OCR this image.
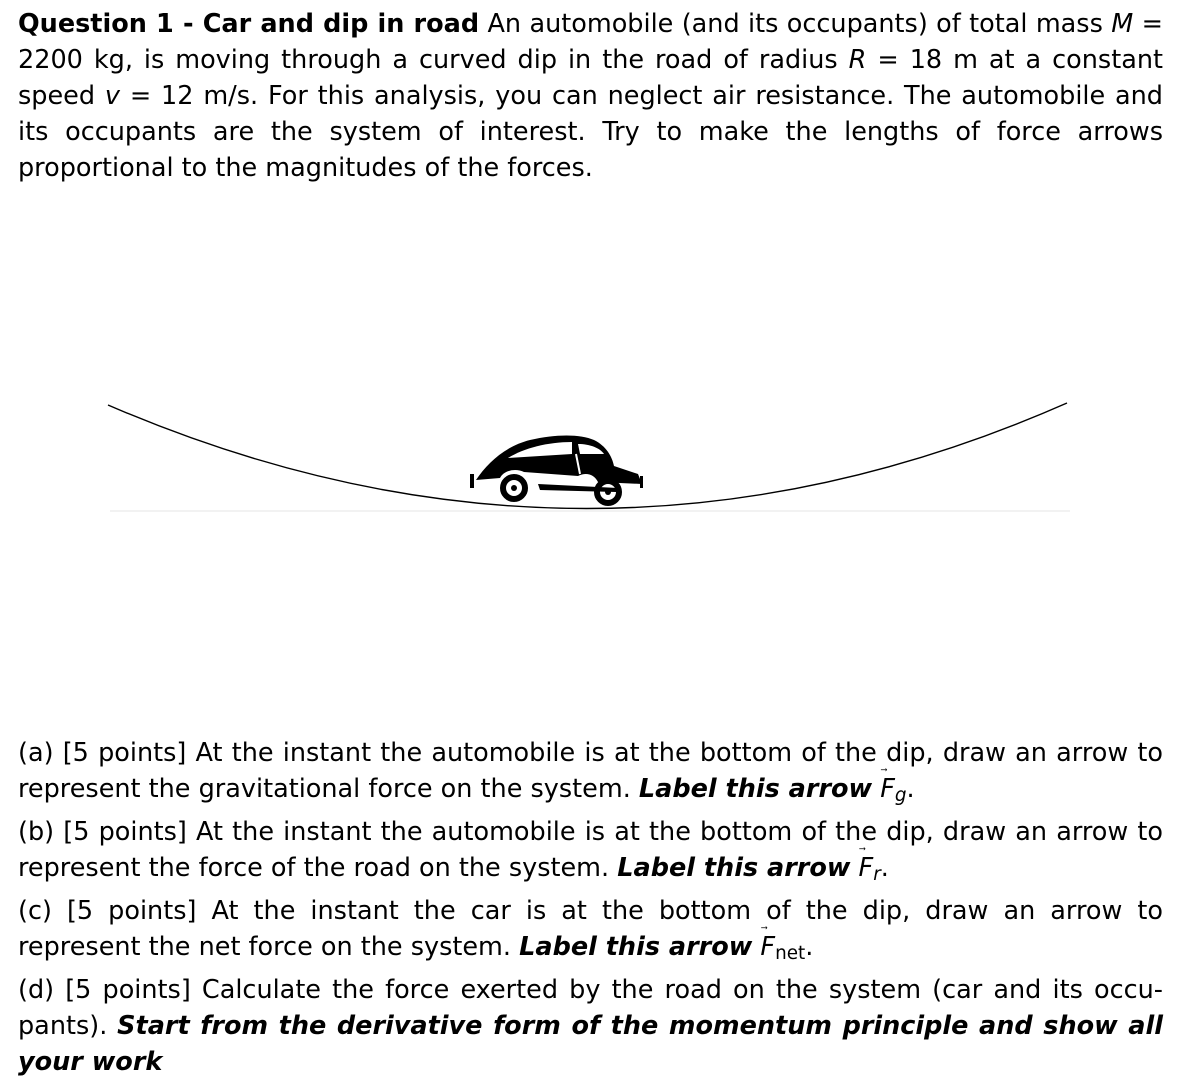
Question 1 - Car and dip in road An automobile (and its occupants) of total mass M = 2200 kg, is moving through a curved dip in the road of radius R = 18 m at a constant speed v = 12 m/s. For this analysis, you can neglect air resistance. The automobile and its occupants are the system of interest. Try to make the lengths of force arrows proportional to the magnitudes of the forces.

(a) [5 points] At the instant the automobile is at the bottom of the dip, draw an arrow to represent the gravitational force on the system. Label this arrow $F_g$.
(b) [5 points] At the instant the automobile is at the bottom of the dip, draw an arrow to represent the force of the road on the system. Label this arrow $F_r$.
(c) [5 points] At the instant the car is at the bottom of the dip, draw an arrow to represent the net force on the system. Label this arrow $F_{net}$.
(d) [5 points] Calculate the force exerted by the road on the system (car and its occu-pants). Start from the derivative form of the momentum principle and show all your work
